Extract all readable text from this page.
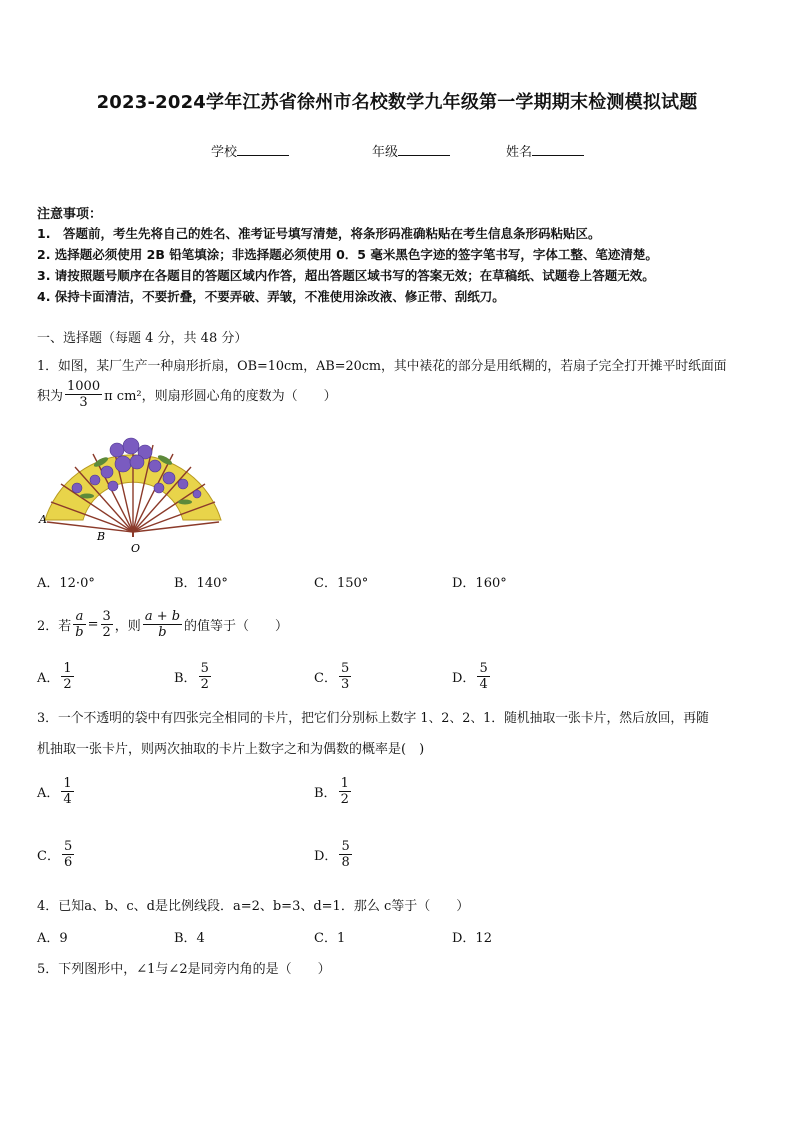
2023-2024学年江苏省徐州市名校数学九年级第一学期期末检测模拟试题
学校	年级	姓名
注意事项：
1.　答题前，考生先将自己的姓名、准考证号填写清楚，将条形码准确粘贴在考生信息条形码粘贴区。
2. 选择题必须使用 2B 铅笔填涂；非选择题必须使用 0．5 毫米黑色字迹的签字笔书写，字体工整、笔迹清楚。
3. 请按照题号顺序在各题目的答题区域内作答，超出答题区域书写的答案无效；在草稿纸、试题卷上答题无效。
4. 保持卡面清洁，不要折叠，不要弄破、弄皱，不准使用涂改液、修正带、刮纸刀。
一、选择题（每题 4 分，共 48 分）
1．如图，某厂生产一种扇形折扇，OB=10cm，AB=20cm，其中裱花的部分是用纸糊的，若扇子完全打开摊平时纸面面
积为 $\frac{1000}{3}$ π cm²，则扇形圆心角的度数为（　　）
A
B
O
A．12·0°	B．140°	C．150°	D．160°
2．若 $\frac{a}{b} = \frac{3}{2}$ ，则 $\frac{a + b}{b}$ 的值等于（　　）
A． $\frac{1}{2}$	B． $\frac{5}{2}$	C． $\frac{5}{3}$	D． $\frac{5}{4}$
3．一个不透明的袋中有四张完全相同的卡片，把它们分别标上数字 1、2、2、1．随机抽取一张卡片，然后放回，再随
机抽取一张卡片，则两次抽取的卡片上数字之和为偶数的概率是(　)
A． $\frac{1}{4}$	B． $\frac{1}{2}$
C． $\frac{5}{6}$	D． $\frac{5}{8}$
4．已知a、b、c、d是比例线段．a=2、b=3、d=1．那么 c等于（　　）
A．9	B．4	C．1	D．12
5．下列图形中，∠1与∠2是同旁内角的是（　　）
